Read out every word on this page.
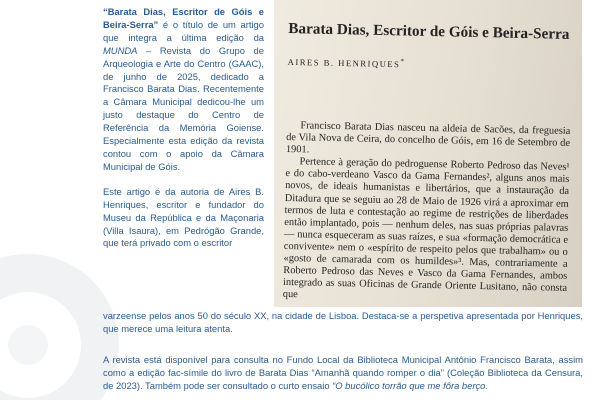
“Barata Dias, Escritor de Góis e Beira-Serra” é o título de um artigo que integra a última edição da MUNDA – Revista do Grupo de Arqueologia e Arte do Centro (GAAC), de junho de 2025, dedicado a Francisco Barata Dias. Recentemente a Câmara Municipal dedicou-lhe um justo destaque do Centro de Referência da Memória Goiense. Especialmente esta edição da revista contou com o apoio da Câmara Municipal de Góis.

Este artigo é da autoria de Aires B. Henriques, escritor e fundador do Museu da República e da Maçonaria (Villa Isaura), em Pedrógão Grande, que terá privado com o escritor

Barata Dias, Escritor de Góis e Beira-Serra
AIRES B. HENRIQUES*

Francisco Barata Dias nasceu na aldeia de Sacões, da freguesia de Vila Nova de Ceira, do concelho de Góis, em 16 de Setembro de 1901.

Pertence à geração do pedroguense Roberto Pedroso das Neves¹ e do cabo-verdeano Vasco da Gama Fernandes², alguns anos mais novos, de ideais humanistas e libertários, que a instauração da Ditadura que se seguiu ao 28 de Maio de 1926 virá a aproximar em termos de luta e contestação ao regime de restrições de liberdades então implantado, pois — nenhum deles, nas suas próprias palavras — nunca esqueceram as suas raízes, e sua «formação democrática e convivente» nem o «espírito de respeito pelos que trabalham» ou o «gosto de camarada com os humildes»³. Mas, contrariamente a Roberto Pedroso das Neves e Vasco da Gama Fernandes, ambos integrado as suas Oficinas de Grande Oriente Lusitano, não consta que

varzeense pelos anos 50 do século XX, na cidade de Lisboa. Destaca-se a perspetiva apresentada por Henriques, que merece uma leitura atenta.

A revista está disponível para consulta no Fundo Local da Biblioteca Municipal Antônio Francisco Barata, assim como a edição fac-símile do livro de Barata Dias “Amanhã quando romper o dia” (Coleção Biblioteca da Censura, de 2023). Também pode ser consultado o curto ensaio “O bucólico torrão que me fôra berço.
